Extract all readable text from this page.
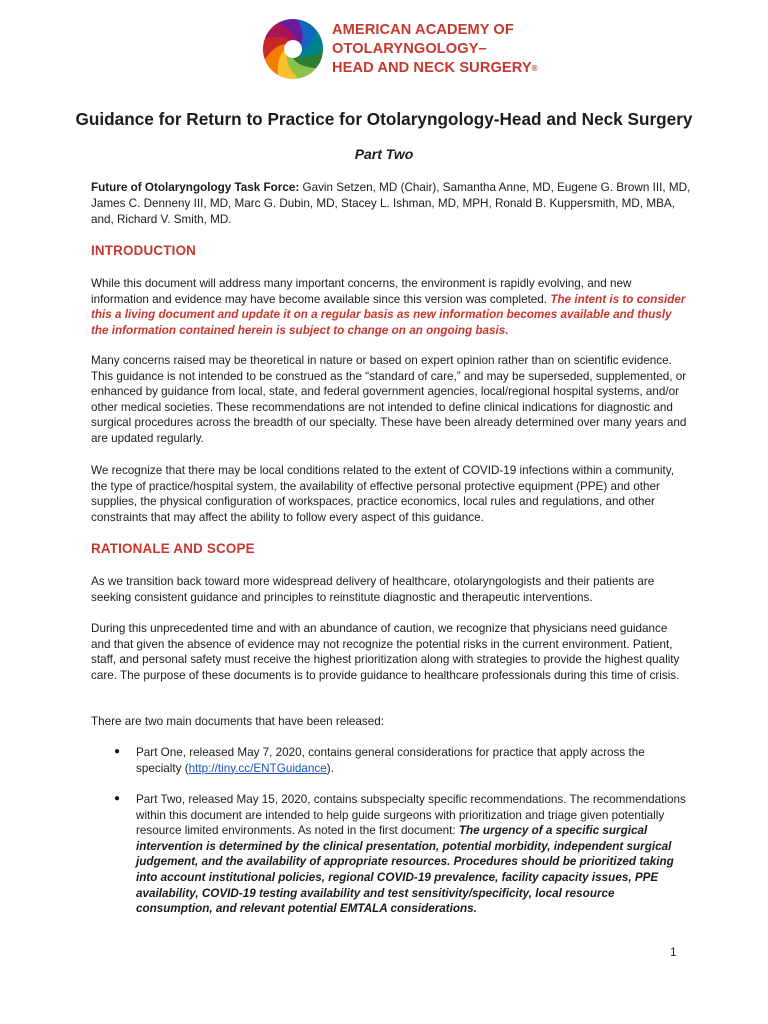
AMERICAN ACADEMY OF
OTOLARYNGOLOGY–
HEAD AND NECK SURGERY®
Guidance for Return to Practice for Otolaryngology-Head and Neck Surgery
Part Two

Future of Otolaryngology Task Force: Gavin Setzen, MD (Chair), Samantha Anne, MD, Eugene G. Brown III, MD, James C. Denneny III, MD, Marc G. Dubin, MD, Stacey L. Ishman, MD, MPH, Ronald B. Kuppersmith, MD, MBA, and, Richard V. Smith, MD.

INTRODUCTION

While this document will address many important concerns, the environment is rapidly evolving, and new information and evidence may have become available since this version was completed. The intent is to consider this a living document and update it on a regular basis as new information becomes available and thusly the information contained herein is subject to change on an ongoing basis.

Many concerns raised may be theoretical in nature or based on expert opinion rather than on scientific evidence. This guidance is not intended to be construed as the “standard of care,” and may be superseded, supplemented, or enhanced by guidance from local, state, and federal government agencies, local/regional hospital systems, and/or other medical societies. These recommendations are not intended to define clinical indications for diagnostic and surgical procedures across the breadth of our specialty. These have been already determined over many years and are updated regularly.

We recognize that there may be local conditions related to the extent of COVID-19 infections within a community, the type of practice/hospital system, the availability of effective personal protective equipment (PPE) and other supplies, the physical configuration of workspaces, practice economics, local rules and regulations, and other constraints that may affect the ability to follow every aspect of this guidance.

RATIONALE AND SCOPE

As we transition back toward more widespread delivery of healthcare, otolaryngologists and their patients are seeking consistent guidance and principles to reinstitute diagnostic and therapeutic interventions.

During this unprecedented time and with an abundance of caution, we recognize that physicians need guidance and that given the absence of evidence may not recognize the potential risks in the current environment. Patient, staff, and personal safety must receive the highest prioritization along with strategies to provide the highest quality care. The purpose of these documents is to provide guidance to healthcare professionals during this time of crisis.

There are two main documents that have been released:

● Part One, released May 7, 2020, contains general considerations for practice that apply across the specialty (http://tiny.cc/ENTGuidance).

● Part Two, released May 15, 2020, contains subspecialty specific recommendations. The recommendations within this document are intended to help guide surgeons with prioritization and triage given potentially resource limited environments. As noted in the first document: The urgency of a specific surgical intervention is determined by the clinical presentation, potential morbidity, independent surgical judgement, and the availability of appropriate resources. Procedures should be prioritized taking into account institutional policies, regional COVID-19 prevalence, facility capacity issues, PPE availability, COVID-19 testing availability and test sensitivity/specificity, local resource consumption, and relevant potential EMTALA considerations.

1
